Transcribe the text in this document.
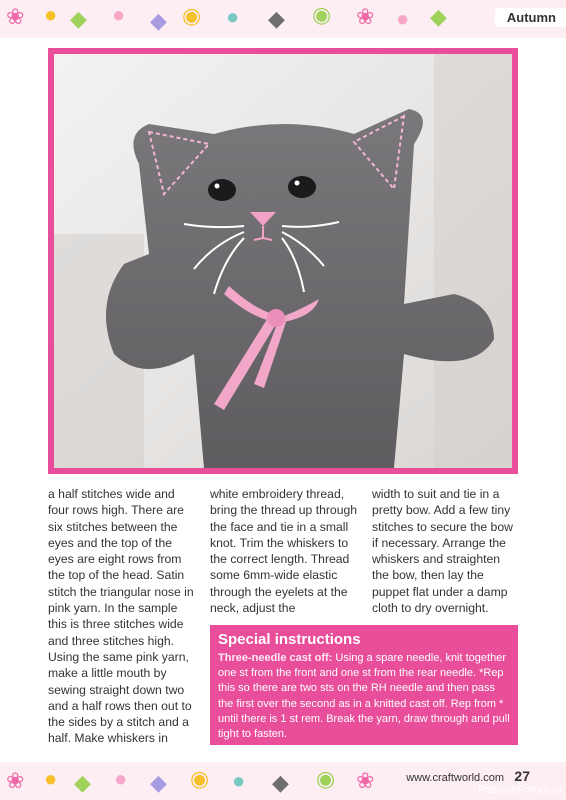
❀ ● ◆ ● ◆ ◉ ● ◆ ◉ ❀ ● ◆	Autumn

a half stitches wide and four rows high. There are six stitches between the eyes and the top of the eyes are eight rows from the top of the head. Satin stitch the triangular nose in pink yarn. In the sample this is three stitches wide and three stitches high. Using the same pink yarn, make a little mouth by sewing straight down two and a half rows then out to the sides by a stitch and a half. Make whiskers in

white embroidery thread, bring the thread up through the face and tie in a small knot. Trim the whiskers to the correct length. Thread some 6mm-wide elastic through the eyelets at the neck, adjust the

width to suit and tie in a pretty bow. Add a few tiny stitches to secure the bow if necessary. Arrange the whiskers and straighten the bow, then lay the puppet flat under a damp cloth to dry overnight.

Special instructions

Three-needle cast off: Using a spare needle, knit together one st from the front and one st from the rear needle. *Rep this so there are two sts on the RH needle and then pass the first over the second as in a knitted cast off. Rep from * until there is 1 st rem. Break the yarn, draw through and pull tight to fasten.

❀ ● ◆ ● ◆ ◉ ● ◆ ◉ ❀	www.craftworld.com 27
PassionForum.ru
